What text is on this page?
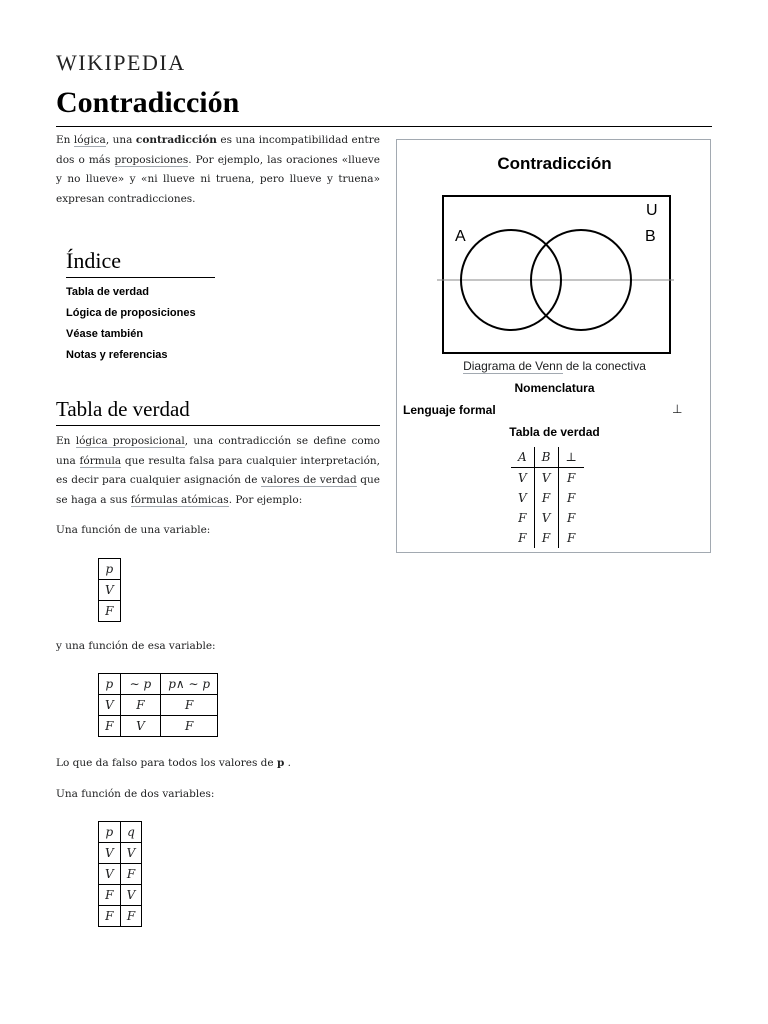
WIKIPEDIA
Contradicción
En lógica, una contradicción es una incompatibilidad entre dos o más proposiciones. Por ejemplo, las oraciones «llueve y no llueve» y «ni llueve ni truena, pero llueve y truena» expresan contradicciones.
Índice
Tabla de verdad
Lógica de proposiciones
Véase también
Notas y referencias
Tabla de verdad
En lógica proposicional, una contradicción se define como una fórmula que resulta falsa para cualquier interpretación, es decir para cualquier asignación de valores de verdad que se haga a sus fórmulas atómicas. Por ejemplo:
Una función de una variable:
p
V
F
y una función de esa variable:
p	∼ p	p∧ ∼ p
V	F	F
F	V	F
Lo que da falso para todos los valores de p .
Una función de dos variables:
p	q
V	V
V	F
F	V
F	F
Contradicción
U
A	B
Diagrama de Venn de la conectiva
Nomenclatura
Lenguaje formal	⊥
Tabla de verdad
A	B	⊥
V	V	F
V	F	F
F	V	F
F	F	F
